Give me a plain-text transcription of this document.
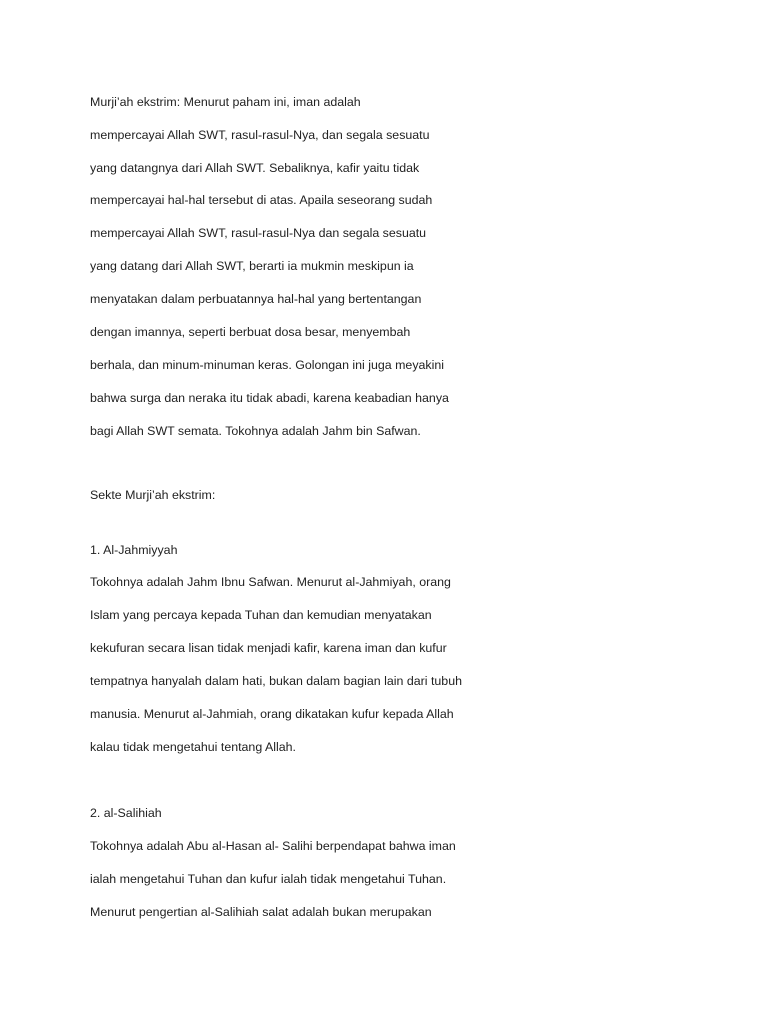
Murji’ah ekstrim: Menurut paham ini, iman adalah

mempercayai Allah SWT, rasul-rasul-Nya, dan segala sesuatu

yang datangnya dari Allah SWT. Sebaliknya, kafir yaitu tidak

mempercayai hal-hal tersebut di atas. Apaila seseorang sudah

mempercayai Allah SWT, rasul-rasul-Nya dan segala sesuatu

yang datang dari Allah SWT, berarti ia mukmin meskipun ia

menyatakan dalam perbuatannya hal-hal yang bertentangan

dengan imannya, seperti berbuat dosa besar, menyembah

berhala, dan minum-minuman keras. Golongan ini juga meyakini

bahwa surga dan neraka itu tidak abadi, karena keabadian hanya

bagi Allah SWT semata. Tokohnya adalah Jahm bin Safwan.

Sekte Murji’ah ekstrim:

1. Al-Jahmiyyah

Tokohnya adalah Jahm Ibnu Safwan. Menurut al-Jahmiyah, orang

Islam yang percaya kepada Tuhan dan kemudian menyatakan

kekufuran secara lisan tidak menjadi kafir, karena iman dan kufur

tempatnya hanyalah dalam hati, bukan dalam bagian lain dari tubuh

manusia. Menurut al-Jahmiah, orang dikatakan kufur kepada Allah

kalau tidak mengetahui tentang Allah.

2. al-Salihiah

Tokohnya adalah Abu al-Hasan al- Salihi berpendapat bahwa iman

ialah mengetahui Tuhan dan kufur ialah tidak mengetahui Tuhan.

Menurut pengertian al-Salihiah salat adalah bukan merupakan
